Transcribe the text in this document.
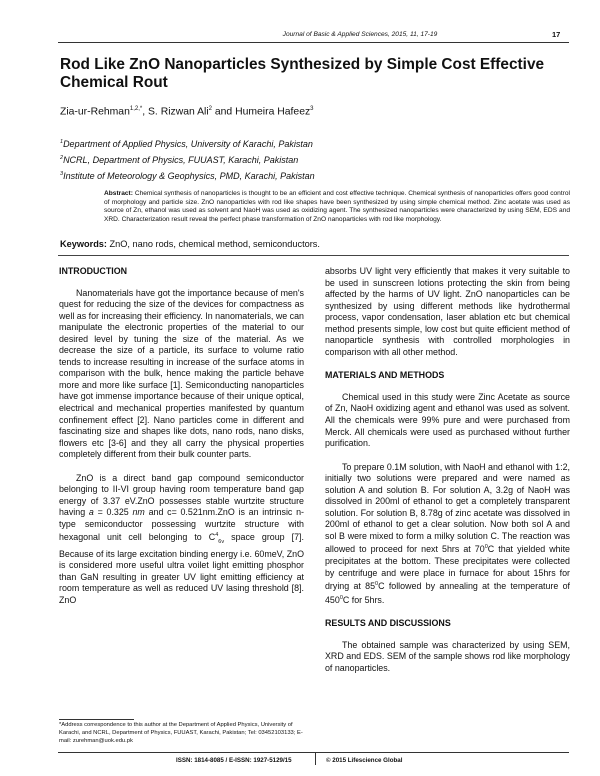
Journal of Basic & Applied Sciences, 2015, 11, 17-19	17
Rod Like ZnO Nanoparticles Synthesized by Simple Cost Effective Chemical Rout
Zia-ur-Rehman$^{1,2,*}$, S. Rizwan Ali$^2$ and Humeira Hafeez$^3$
$^1$Department of Applied Physics, University of Karachi, Pakistan
$^2$NCRL, Department of Physics, FUUAST, Karachi, Pakistan
$^3$Institute of Meteorology & Geophysics, PMD, Karachi, Pakistan
Abstract: Chemical synthesis of nanoparticles is thought to be an efficient and cost effective technique. Chemical synthesis of nanoparticles offers good control of morphology and particle size. ZnO nanoparticles with rod like shapes have been synthesized by using simple chemical method. Zinc acetate was used as source of Zn, ethanol was used as solvent and NaoH was used as oxidizing agent. The synthesized nanoparticles were characterized by using SEM, EDS and XRD. Characterization result reveal the perfect phase transformation of ZnO nanoparticles with rod like morphology.
Keywords: ZnO, nano rods, chemical method, semiconductors.
INTRODUCTION

Nanomaterials have got the importance because of men's quest for reducing the size of the devices for compactness as well as for increasing their efficiency. In nanomaterials, we can manipulate the electronic properties of the material to our desired level by tuning the size of the material. As we decrease the size of a particle, its surface to volume ratio tends to increase resulting in increase of the surface atoms in comparison with the bulk, hence making the particle behave more and more like surface [1]. Semiconducting nanoparticles have got immense importance because of their unique optical, electrical and mechanical properties manifested by quantum confinement effect [2]. Nano particles come in different and fascinating size and shapes like dots, nano rods, nano disks, flowers etc [3-6] and they all carry the physical properties completely different from their bulk counter parts.

ZnO is a direct band gap compound semiconductor belonging to II-VI group having room temperature band gap energy of 3.37 eV.ZnO possesses stable wurtzite structure having a = 0.325 nm and c= 0.521nm.ZnO is an intrinsic n-type semiconductor possessing wurtzite structure with hexagonal unit cell belonging to $C^4_{6v}$ space group [7]. Because of its large excitation binding energy i.e. 60meV, ZnO is considered more useful ultra voilet light emitting phosphor than GaN resulting in greater UV light emitting efficiency at room temperature as well as reduced UV lasing threshold [8]. ZnO

absorbs UV light very efficiently that makes it very suitable to be used in sunscreen lotions protecting the skin from being affected by the harms of UV light. ZnO nanoparticles can be synthesized by using different methods like hydrothermal process, vapor condensation, laser ablation etc but chemical method presents simple, low cost but quite efficient method of nanoparticle synthesis with controlled morphologies in comparison with all other method.

MATERIALS AND METHODS

Chemical used in this study were Zinc Acetate as source of Zn, NaoH oxidizing agent and ethanol was used as solvent. All the chemicals were 99% pure and were purchased from Merck. All chemicals were used as purchased without further purification.

To prepare 0.1M solution, with NaoH and ethanol with 1:2, initially two solutions were prepared and were named as solution A and solution B. For solution A, 3.2g of NaoH was dissolved in 200ml of ethanol to get a completely transparent solution. For solution B, 8.78g of zinc acetate was dissolved in 200ml of ethanol to get a clear solution. Now both sol A and sol B were mixed to form a milky solution C. The reaction was allowed to proceed for next 5hrs at $70^0C$ that yielded white precipitates at the bottom. These precipitates were collected by centrifuge and were place in furnace for about 15hrs for drying at $85^0C$ followed by annealing at the temperature of $450^0C$ for 5hrs.

RESULTS AND DISCUSSIONS

The obtained sample was characterized by using SEM, XRD and EDS. SEM of the sample shows rod like morphology of nanoparticles.

*Address correspondence to this author at the Department of Applied Physics, University of Karachi, and NCRL, Department of Physics, FUUAST, Karachi, Pakistan; Tel: 03452103133; E-mail: zurehman@uok.edu.pk
ISSN: 1814-8085 / E-ISSN: 1927-5129/15	© 2015 Lifescience Global
